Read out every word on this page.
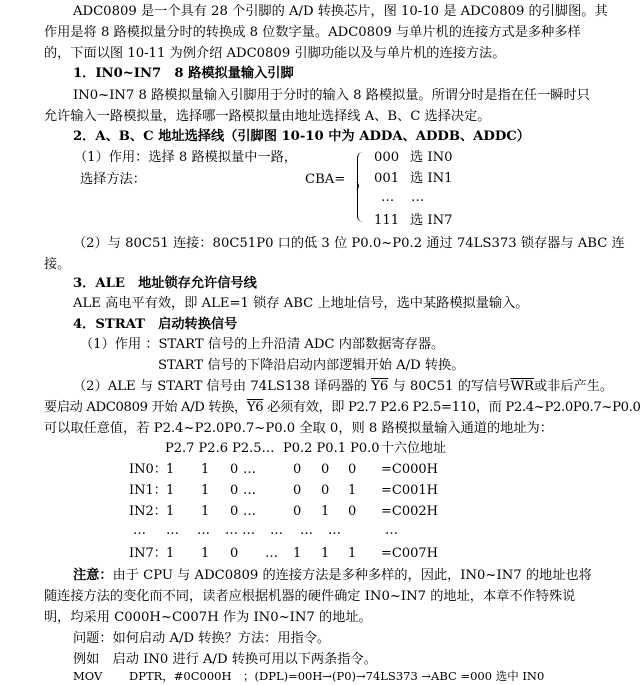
ADC0809 是一个具有 28 个引脚的 A/D 转换芯片，图 10-10 是 ADC0809 的引脚图。其
作用是将 8 路模拟量分时的转换成 8 位数字量。ADC0809 与单片机的连接方式是多种多样
的，下面以图 10-11 为例介绍 ADC0809 引脚功能以及与单片机的连接方法。
1．IN0~IN7　8 路模拟量输入引脚
IN0~IN7 8 路模拟量输入引脚用于分时的输入 8 路模拟量。所谓分时是指在任一瞬时只
允许输入一路模拟量，选择哪一路模拟量由地址选择线 A、B、C 选择决定。
2．A、B、C 地址选择线（引脚图 10-10 中为 ADDA、ADDB、ADDC）
（1）作用：选择 8 路模拟量中一路，
选择方法：	CBA=
000 选 IN0
001 选 IN1
… …
111 选 IN7
（2）与 80C51 连接：80C51P0 口的低 3 位 P0.0~P0.2 通过 74LS373 锁存器与 ABC 连
接。
3．ALE　地址锁存允许信号线
ALE 高电平有效，即 ALE=1 锁存 ABC 上地址信号，选中某路模拟量输入。
4．STRAT　启动转换信号
（1）作用 ：START 信号的上升沿清 ADC 内部数据寄存器。
START 信号的下降沿启动内部逻辑开始 A/D 转换。
（2）ALE 与 START 信号由 74LS138 译码器的 Y6 与 80C51 的写信号$\overline{WR}$或非后产生。
要启动 ADC0809 开始 A/D 转换，Y6 必须有效，即 P2.7 P2.6 P2.5=110，而 P2.4~P2.0P0.7~P0.0
可以取任意值，若 P2.4~P2.0P0.7~P0.0 全取 0，则 8 路模拟量输入通道的地址为：
P2.7 P2.6 P2.5… P0.2 P0.1 P0.0 十六位地址
IN0： 1 1 0 …	0 0 0 =C000H
IN1： 1 1 0 …	0 0 1 =C001H
IN2： 1 1 0 …	0 1 0 =C002H
… … … … … … … …	…
IN7： 1 1 0 … 1 1 1 =C007H
注意：由于 CPU 与 ADC0809 的连接方法是多种多样的，因此，IN0~IN7 的地址也将
随连接方法的变化而不同，读者应根据机器的硬件确定 IN0~IN7 的地址，本章不作特殊说
明，均采用 C000H~C007H 作为 IN0~IN7 的地址。
问题：如何启动 A/D 转换？方法：用指令。
例如　启动 IN0 进行 A/D 转换可用以下两条指令。
MOV DPTR，#0C000H ；(DPL)=00H→(P0)→74LS373 →ABC =000 选中 IN0
